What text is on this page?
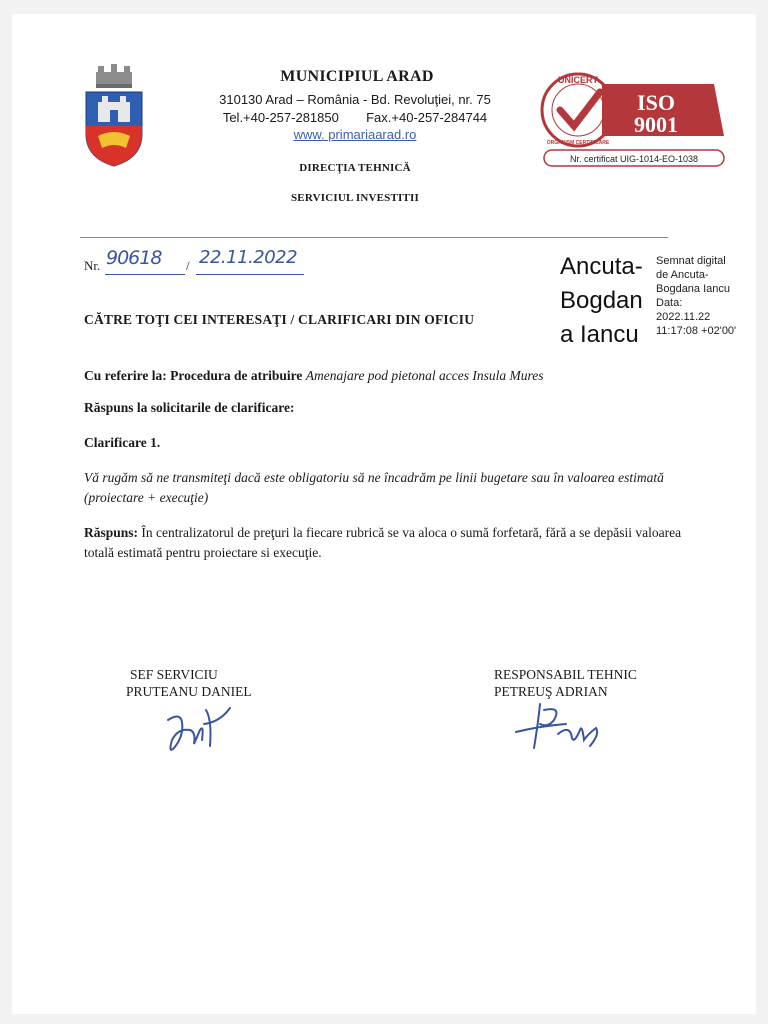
MUNICIPIUL ARAD
310130 Arad – România - Bd. Revoluţiei, nr. 75
Tel.+40-257-281850 Fax.+40-257-284744
www. primariaarad.ro
DIRECŢIA TEHNICĂ
SERVICIUL INVESTITII
UNICERT
ORGANISM CERTIFICARE
ISO
9001
Nr. certificat UIG-1014-EO-1038
Nr. 90618 / 22.11.2022	Ancuta-
Bogdan
a Iancu
Semnat digital
de Ancuta-
Bogdana Iancu
Data:
2022.11.22
11:17:08 +02'00'
CĂTRE TOŢI CEI INTERESAŢI / CLARIFICARI DIN OFICIU
Cu referire la: Procedura de atribuire Amenajare pod pietonal acces Insula Mures
Răspuns la solicitarile de clarificare:
Clarificare 1.
Vă rugăm să ne transmiteţi dacă este obligatoriu să ne încadrăm pe linii bugetare sau în valoarea estimată (proiectare + execuţie)
Răspuns: În centralizatorul de preţuri la fiecare rubrică se va aloca o sumă forfetară, fără a se depăsii valoarea totală estimată pentru proiectare si execuţie.
SEF SERVICIU
PRUTEANU DANIEL
RESPONSABIL TEHNIC
PETREUŞ ADRIAN
